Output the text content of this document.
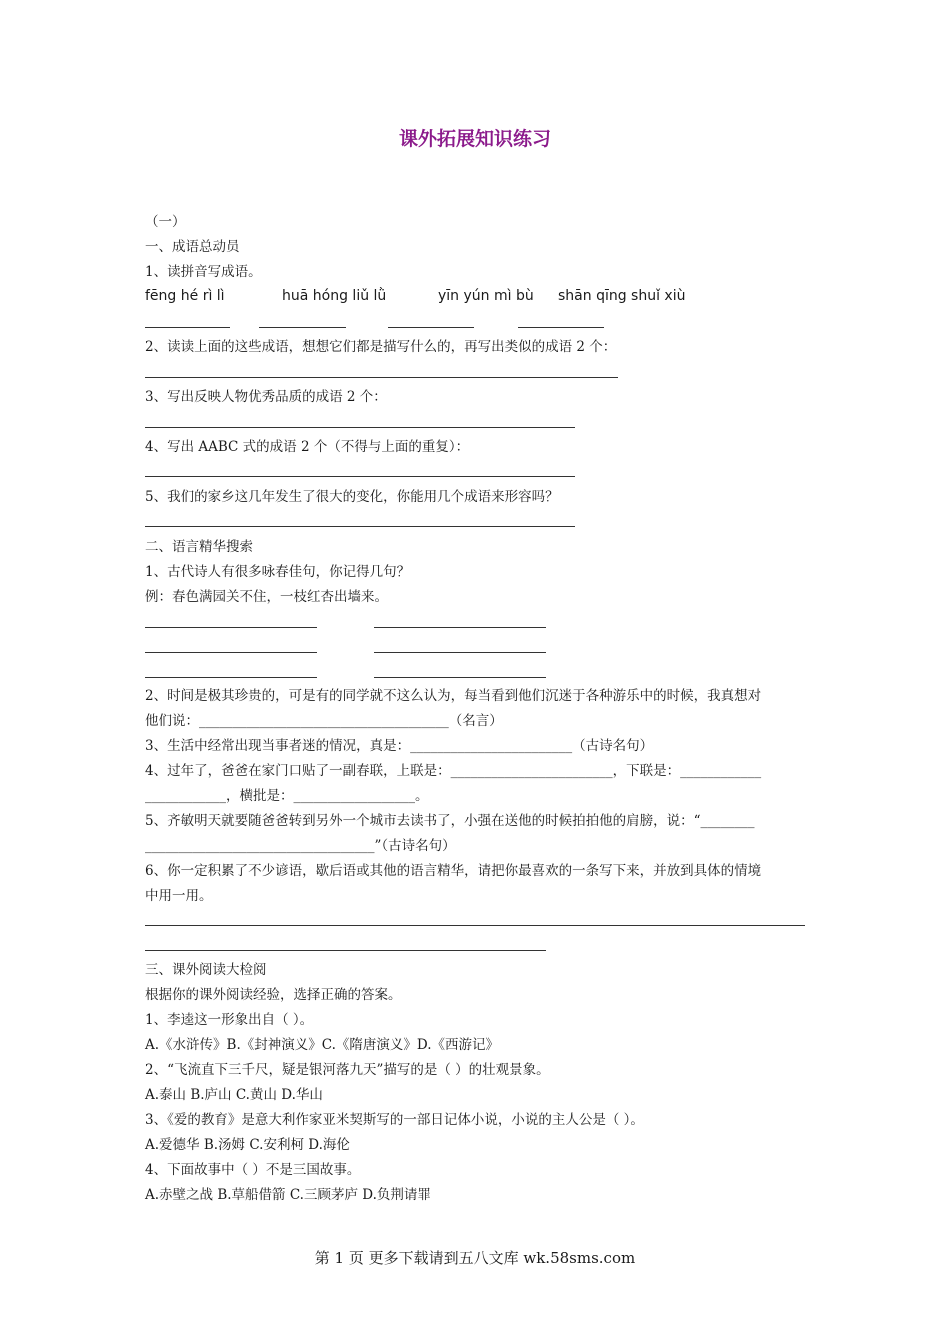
课外拓展知识练习
（一）
一、成语总动员
1、读拼音写成语。
fēng hé rì lì	huā hóng liǔ lǜ	yīn yún mì bù shān qīng shuǐ xiù
2、读读上面的这些成语，想想它们都是描写什么的，再写出类似的成语 2 个：
3、写出反映人物优秀品质的成语 2 个：
4、写出 AABC 式的成语 2 个（不得与上面的重复）：
5、我们的家乡这几年发生了很大的变化，你能用几个成语来形容吗？
二、语言精华搜索
1、古代诗人有很多咏春佳句，你记得几句？
例：春色满园关不住，一枝红杏出墙来。
2、时间是极其珍贵的，可是有的同学就不这么认为，每当看到他们沉迷于各种游乐中的时候，我真想对
他们说：_____________________________________（名言）
3、生活中经常出现当事者迷的情况，真是：________________________（古诗名句）
4、过年了，爸爸在家门口贴了一副春联，上联是：________________________，下联是：____________
____________，横批是：__________________。
5、齐敏明天就要随爸爸转到另外一个城市去读书了，小强在送他的时候拍拍他的肩膀，说：“________
__________________________________”（古诗名句）
6、你一定积累了不少谚语，歇后语或其他的语言精华，请把你最喜欢的一条写下来，并放到具体的情境
中用一用。
三、课外阅读大检阅
根据你的课外阅读经验，选择正确的答案。
1、李逵这一形象出自（ ）。
A.《水浒传》B.《封神演义》C.《隋唐演义》D.《西游记》
2、“飞流直下三千尺，疑是银河落九天”描写的是（ ）的壮观景象。
A.泰山 B.庐山 C.黄山 D.华山
3、《爱的教育》是意大利作家亚米契斯写的一部日记体小说，小说的主人公是（ ）。
A.爱德华 B.汤姆 C.安利柯 D.海伦
4、下面故事中（ ）不是三国故事。
A.赤壁之战 B.草船借箭 C.三顾茅庐 D.负荆请罪
第 1 页 更多下载请到五八文库 wk.58sms.com
